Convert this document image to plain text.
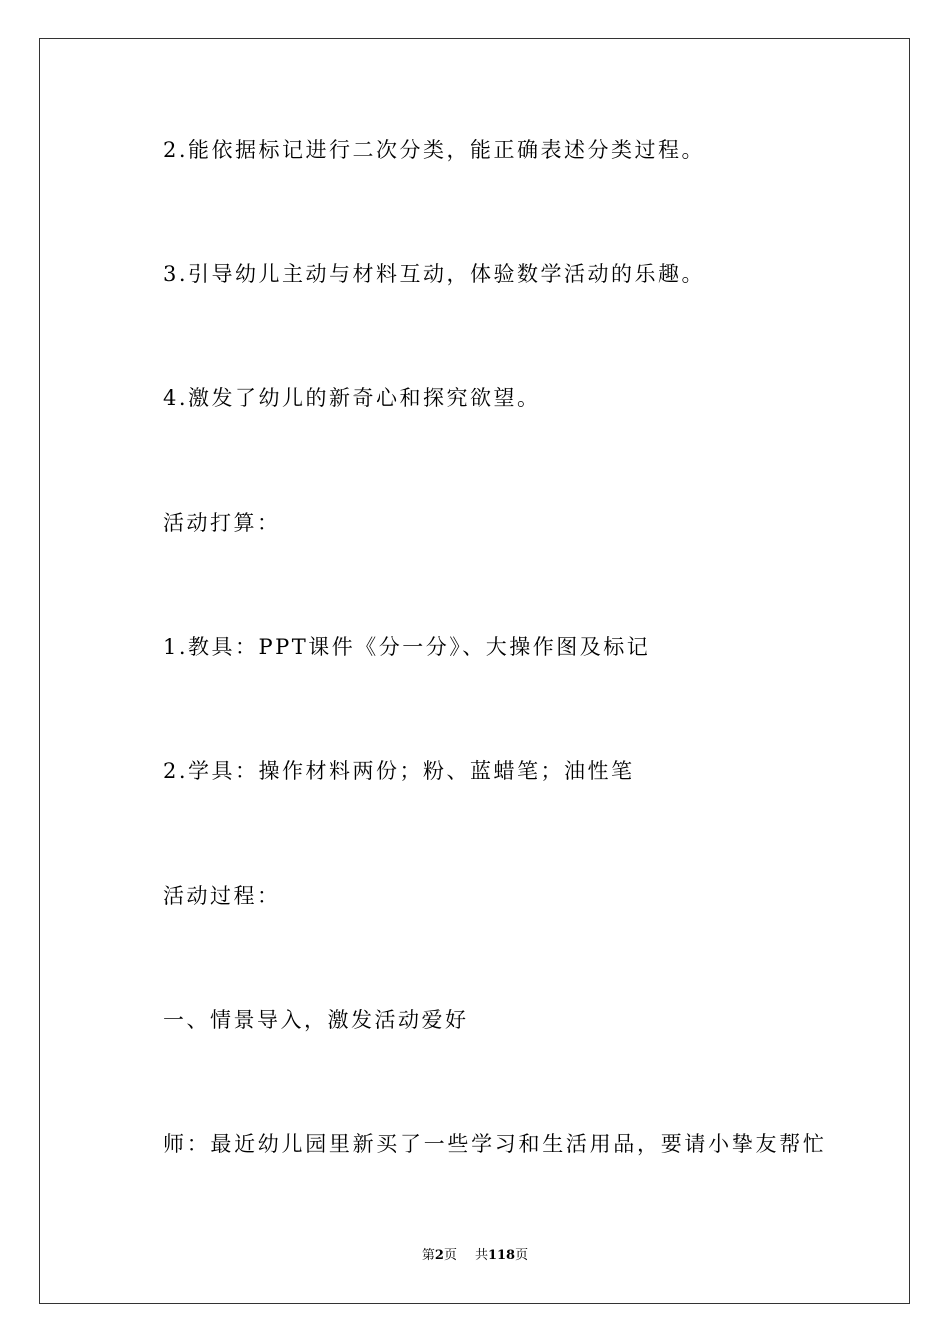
2.能依据标记进行二次分类，能正确表述分类过程。

3.引导幼儿主动与材料互动，体验数学活动的乐趣。

4.激发了幼儿的新奇心和探究欲望。

活动打算：

1.教具：PPT课件《分一分》、大操作图及标记

2.学具：操作材料两份；粉、蓝蜡笔；油性笔

活动过程：

一、情景导入，激发活动爱好

师：最近幼儿园里新买了一些学习和生活用品，要请小挚友帮忙

第2页 共118页
